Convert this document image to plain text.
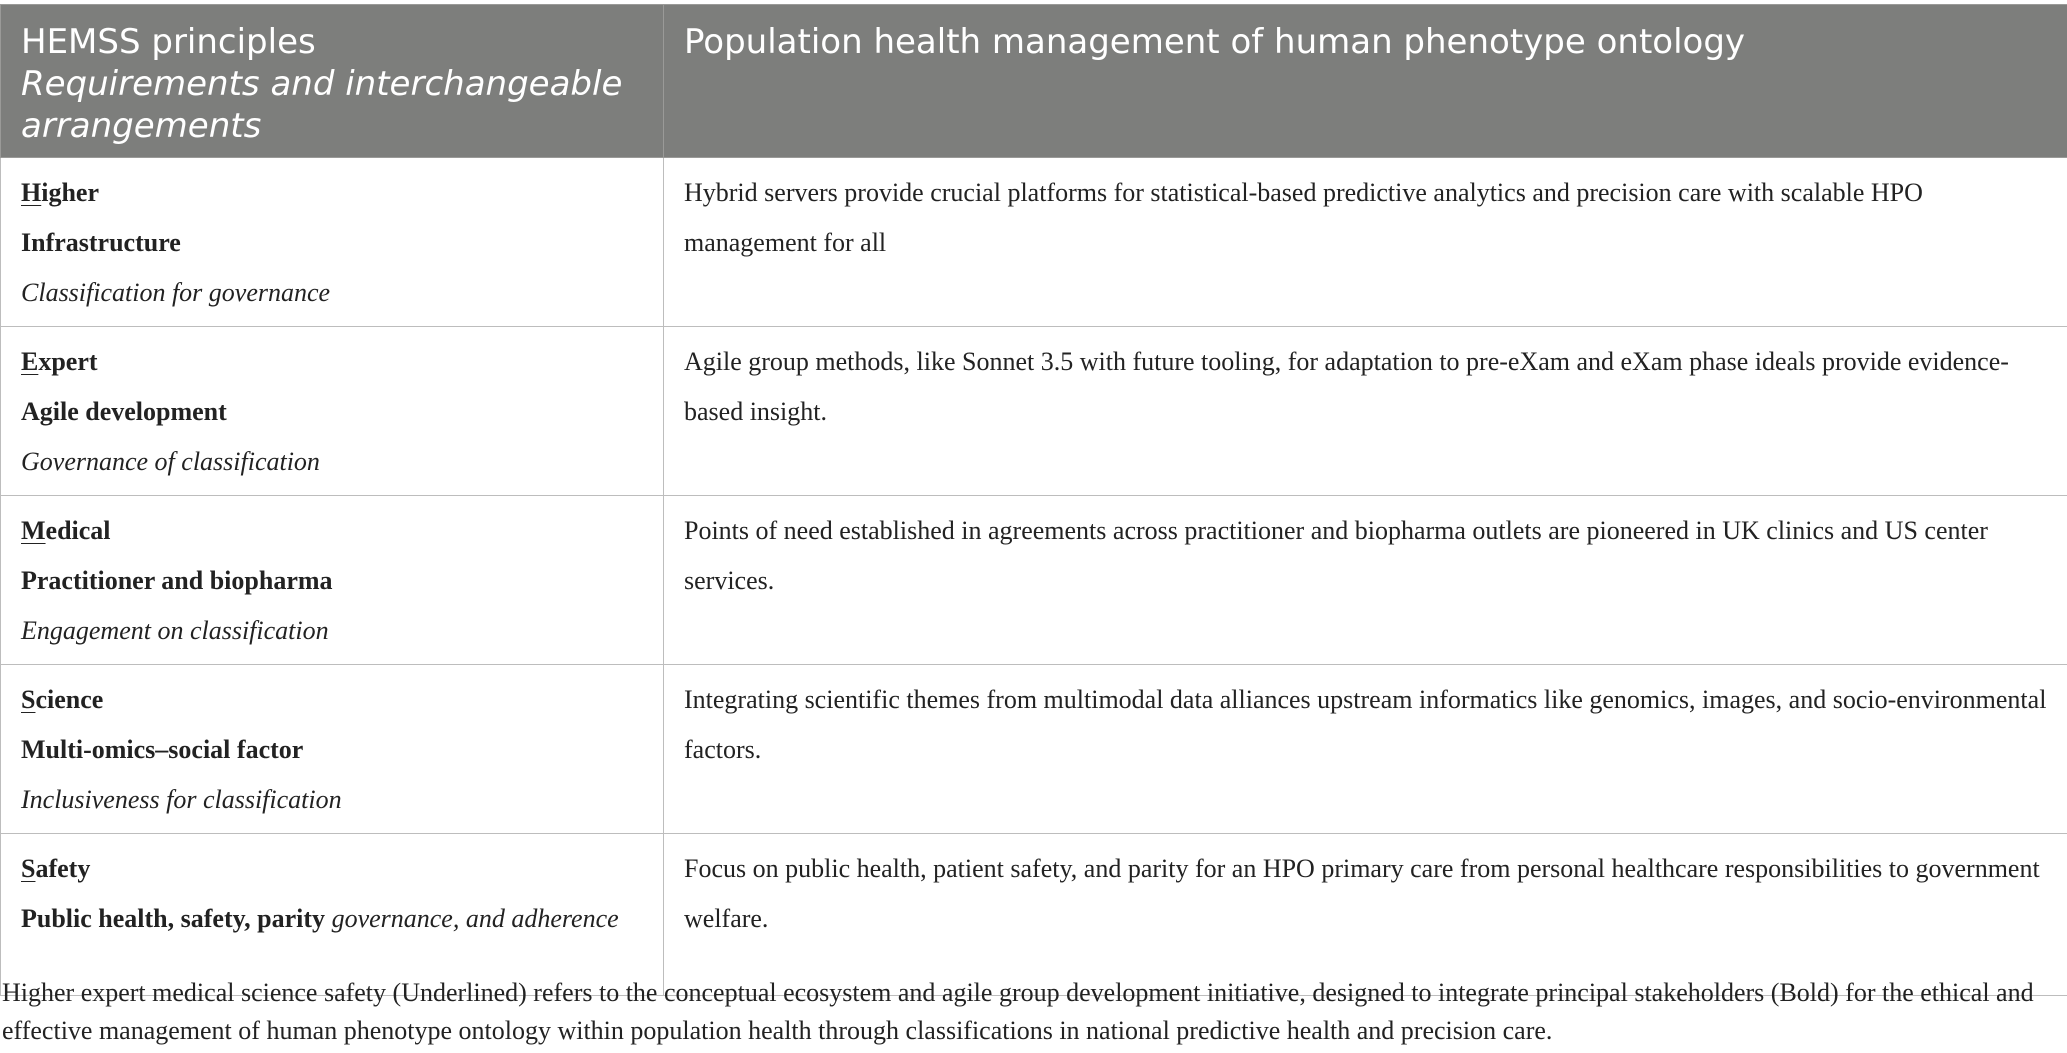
HEMSS principles
Requirements and interchangeable arrangements	Population health management of human phenotype ontology

Higher
Infrastructure
Classification for governance	Hybrid servers provide crucial platforms for statistical-based predictive analytics and precision care with scalable HPO management for all

Expert
Agile development
Governance of classification	Agile group methods, like Sonnet 3.5 with future tooling, for adaptation to pre-eXam and eXam phase ideals provide evidence-based insight.

Medical
Practitioner and biopharma
Engagement on classification	Points of need established in agreements across practitioner and biopharma outlets are pioneered in UK clinics and US center services.

Science
Multi-omics–social factor
Inclusiveness for classification	Integrating scientific themes from multimodal data alliances upstream informatics like genomics, images, and socio-environmental factors.

Safety
Public health, safety, parity governance, and adherence	Focus on public health, patient safety, and parity for an HPO primary care from personal healthcare responsibilities to government welfare.
Higher expert medical science safety (Underlined) refers to the conceptual ecosystem and agile group development initiative, designed to integrate principal stakeholders (Bold) for the ethical and effective management of human phenotype ontology within population health through classifications in national predictive health and precision care.
